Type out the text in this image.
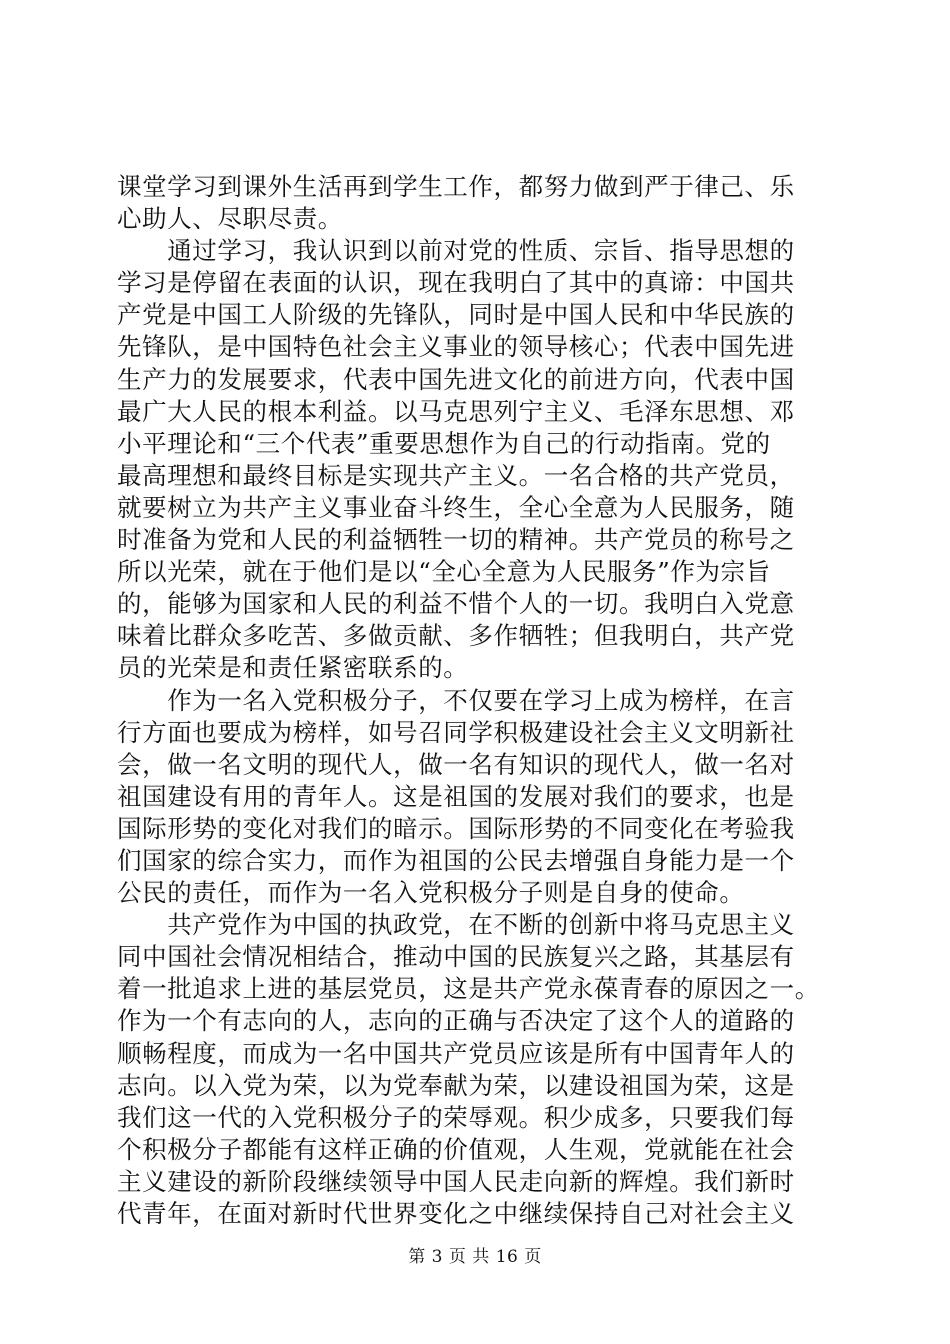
课堂学习到课外生活再到学生工作，都努力做到严于律己、乐
心助人、尽职尽责。
　　通过学习，我认识到以前对党的性质、宗旨、指导思想的
学习是停留在表面的认识，现在我明白了其中的真谛：中国共
产党是中国工人阶级的先锋队，同时是中国人民和中华民族的
先锋队，是中国特色社会主义事业的领导核心；代表中国先进
生产力的发展要求，代表中国先进文化的前进方向，代表中国
最广大人民的根本利益。以马克思列宁主义、毛泽东思想、邓
小平理论和“三个代表”重要思想作为自己的行动指南。党的
最高理想和最终目标是实现共产主义。一名合格的共产党员，
就要树立为共产主义事业奋斗终生，全心全意为人民服务，随
时准备为党和人民的利益牺牲一切的精神。共产党员的称号之
所以光荣，就在于他们是以“全心全意为人民服务”作为宗旨
的，能够为国家和人民的利益不惜个人的一切。我明白入党意
味着比群众多吃苦、多做贡献、多作牺牲；但我明白，共产党
员的光荣是和责任紧密联系的。
　　作为一名入党积极分子，不仅要在学习上成为榜样，在言
行方面也要成为榜样，如号召同学积极建设社会主义文明新社
会，做一名文明的现代人，做一名有知识的现代人，做一名对
祖国建设有用的青年人。这是祖国的发展对我们的要求，也是
国际形势的变化对我们的暗示。国际形势的不同变化在考验我
们国家的综合实力，而作为祖国的公民去增强自身能力是一个
公民的责任，而作为一名入党积极分子则是自身的使命。
　　共产党作为中国的执政党，在不断的创新中将马克思主义
同中国社会情况相结合，推动中国的民族复兴之路，其基层有
着一批追求上进的基层党员，这是共产党永葆青春的原因之一。
作为一个有志向的人，志向的正确与否决定了这个人的道路的
顺畅程度，而成为一名中国共产党员应该是所有中国青年人的
志向。以入党为荣，以为党奉献为荣，以建设祖国为荣，这是
我们这一代的入党积极分子的荣辱观。积少成多，只要我们每
个积极分子都能有这样正确的价值观，人生观，党就能在社会
主义建设的新阶段继续领导中国人民走向新的辉煌。我们新时
代青年，在面对新时代世界变化之中继续保持自己对社会主义
第 3 页 共 16 页
